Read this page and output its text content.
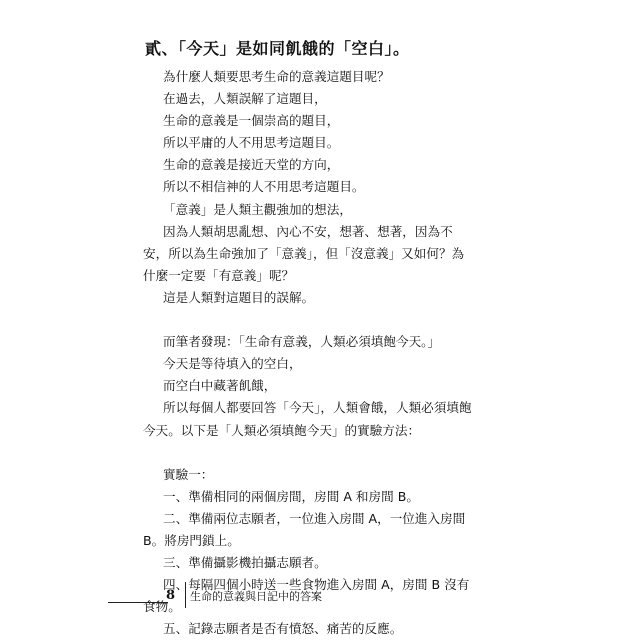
貳、「今天」是如同飢餓的「空白」。

為什麼人類要思考生命的意義這題目呢？

在過去，人類誤解了這題目，

生命的意義是一個崇高的題目，

所以平庸的人不用思考這題目。

生命的意義是接近天堂的方向，

所以不相信神的人不用思考這題目。

「意義」是人類主觀強加的想法，

因為人類胡思亂想、內心不安，想著、想著，因為不安，所以為生命強加了「意義」，但「沒意義」又如何？為什麼一定要「有意義」呢？

這是人類對這題目的誤解。

而筆者發現：「生命有意義，人類必須填飽今天。」

今天是等待填入的空白，

而空白中藏著飢餓，

所以每個人都要回答「今天」，人類會餓，人類必須填飽今天。以下是「人類必須填飽今天」的實驗方法：

實驗一：

一、準備相同的兩個房間，房間 A 和房間 B。

二、準備兩位志願者，一位進入房間 A，一位進入房間 B。將房門鎖上。

三、準備攝影機拍攝志願者。

四、每隔四個小時送一些食物進入房間 A，房間 B 沒有食物。

五、記錄志願者是否有憤怒、痛苦的反應。

8 生命的意義與日記中的答案
